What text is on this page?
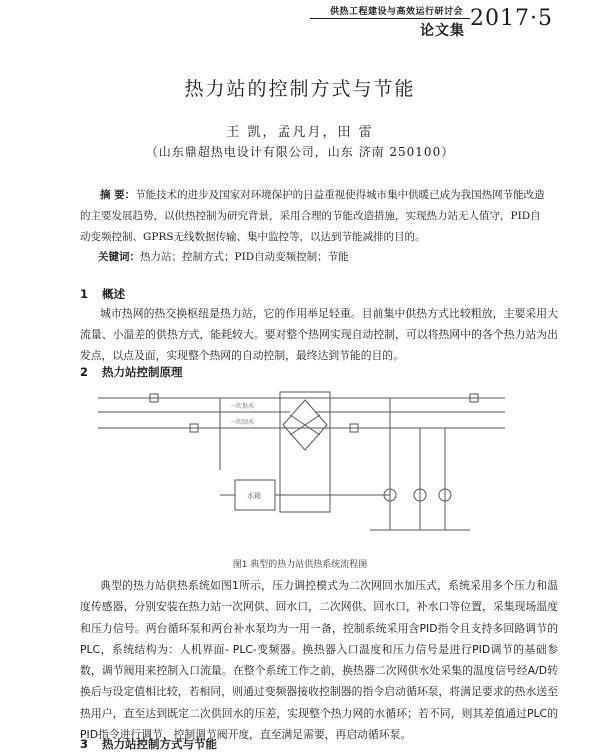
供热工程建设与高效运行研讨会 2017·5
论文集
热力站的控制方式与节能
王 凯，孟凡月，田 雷
（山东鼎超热电设计有限公司，山东 济南 250100）
摘 要：节能技术的进步及国家对环境保护的日益重视使得城市集中供暖已成为我国热网节能改造的主要发展趋势，以供热控制为研究背景，采用合理的节能改造措施，实现热力站无人值守，PID自动变频控制、GPRS无线数据传输、集中监控等，以达到节能减排的目的。
关键词：热力站；控制方式；PID自动变频控制；节能
1 概述
城市热网的热交换枢纽是热力站，它的作用举足轻重。目前集中供热方式比较粗放，主要采用大流量、小温差的供热方式，能耗较大。要对整个热网实现自动控制，可以将热网中的各个热力站为出发点，以点及面，实现整个热网的自动控制，最终达到节能的目的。
2 热力站控制原理
一次供水
一次回水
水箱
图1 典型的热力站供热系统流程图
典型的热力站供热系统如图1所示，压力调控模式为二次网回水加压式，系统采用多个压力和温度传感器，分别安装在热力站一次网供、回水口，二次网供、回水口，补水口等位置，采集现场温度和压力信号。两台循环泵和两台补水泵均为一用一备，控制系统采用含PID指令且支持多回路调节的PLC，系统结构为：人机界面- PLC-变频器。换热器入口温度和压力信号是进行PID调节的基础参数，调节阀用来控制入口流量。在整个系统工作之前，换热器二次网供水处采集的温度信号经A/D转换后与设定值相比较，若相同，则通过变频器接收控制器的指令启动循环泵，将满足要求的热水送至热用户，直至达到既定二次供回水的压差，实现整个热力网的水循环；若不同，则其差值通过PLC的PID指令进行调节，控制调节阀开度，直至满足需要，再启动循环泵。
3 热力站控制方式与节能
